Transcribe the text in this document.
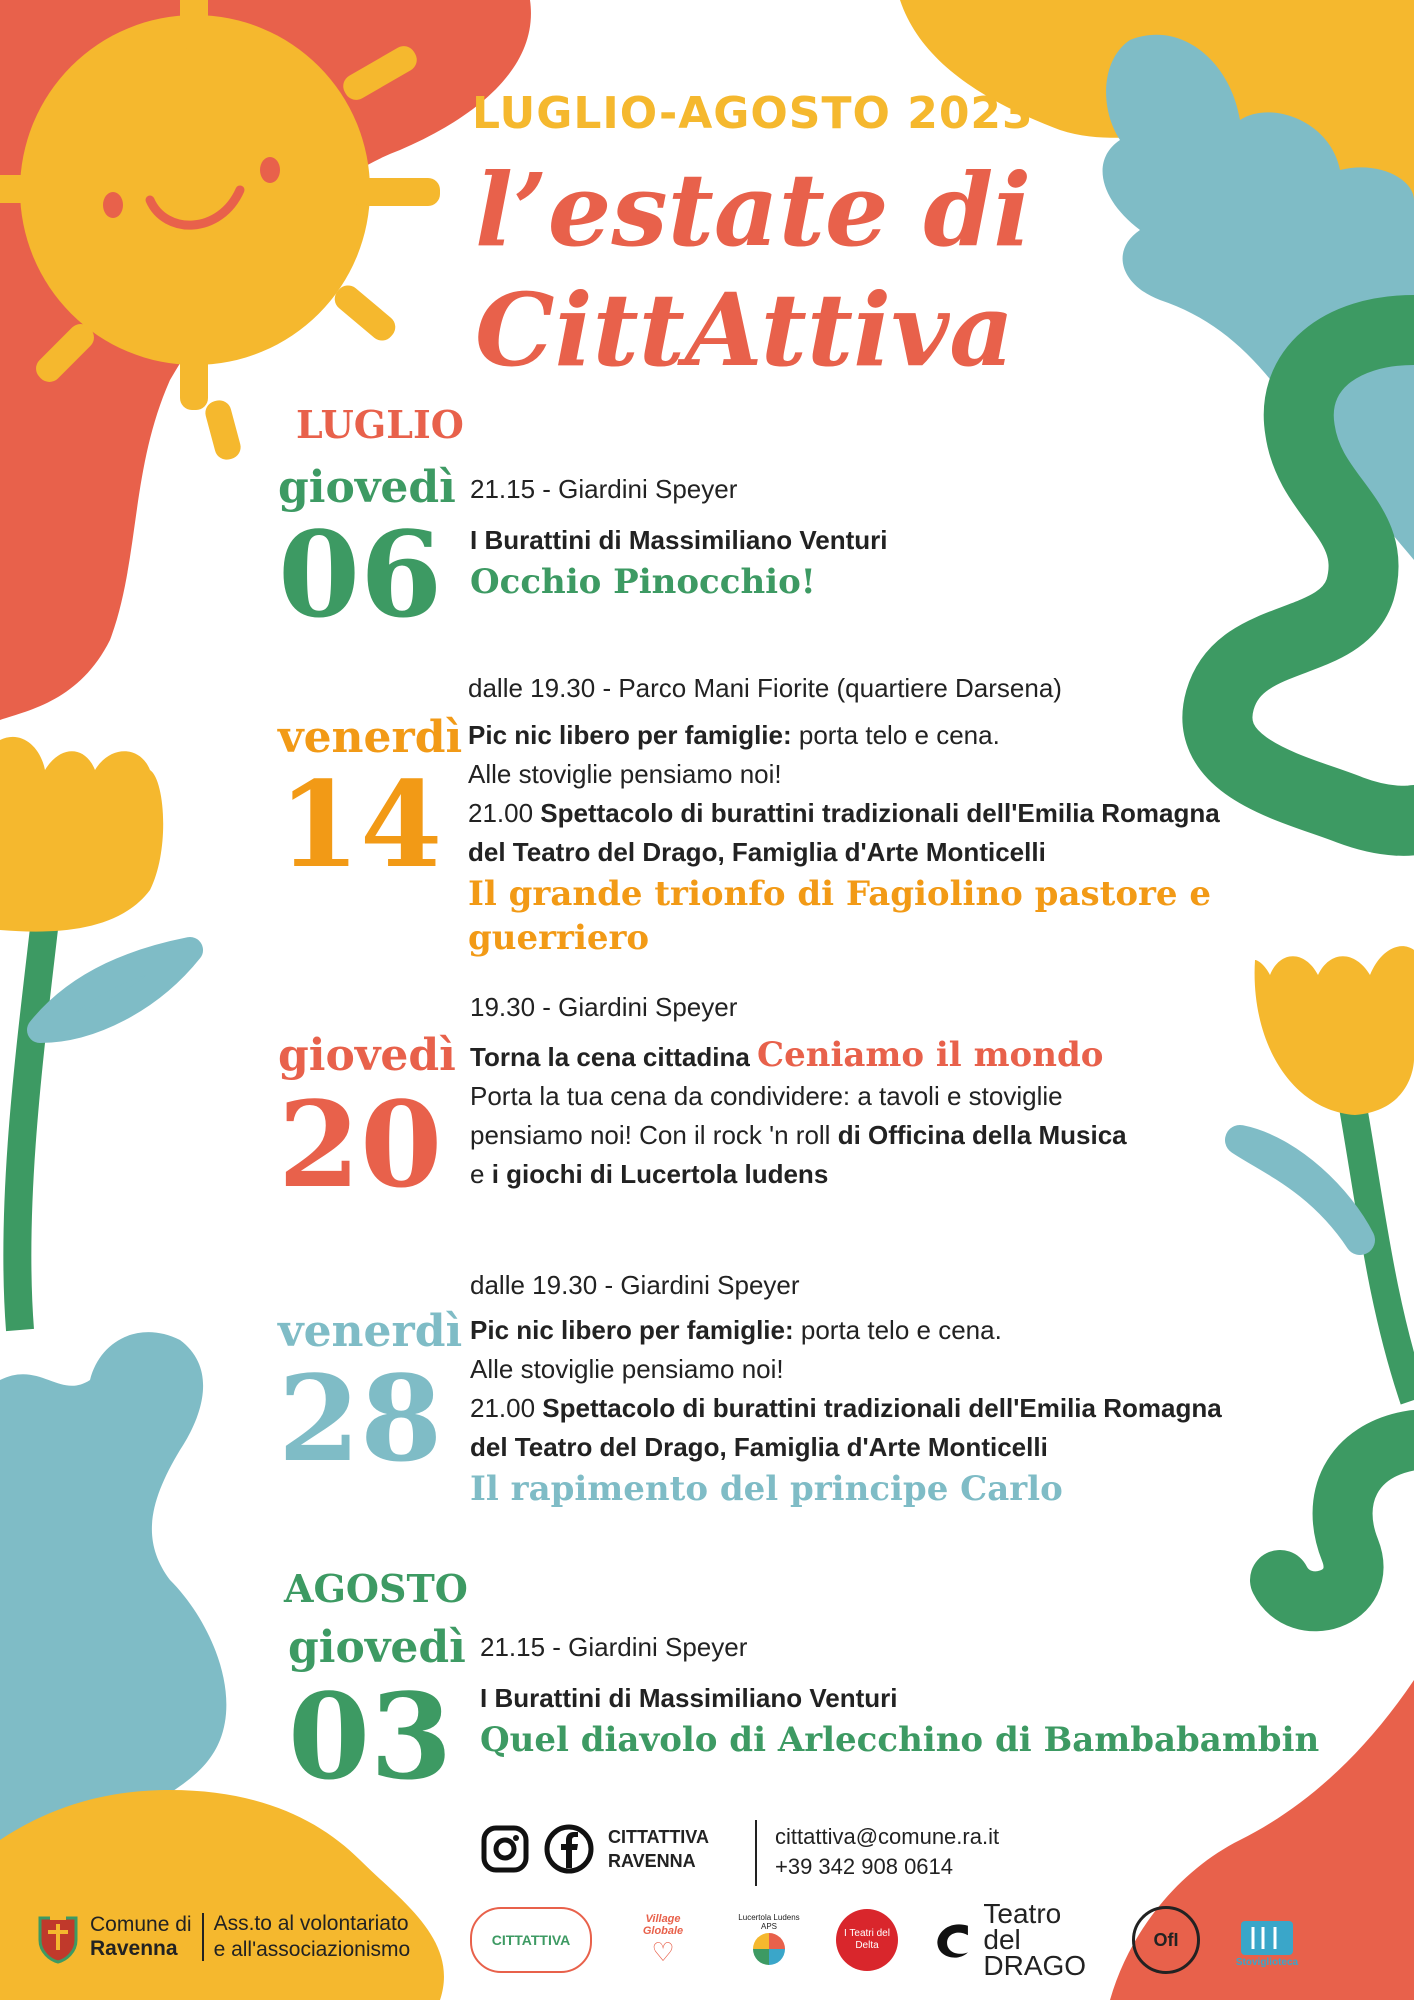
LUGLIO-AGOSTO 2023
l’estate di
CittAttiva
LUGLIO
giovedì
06
21.15 - Giardini Speyer
I Burattini di Massimiliano Venturi
Occhio Pinocchio!
venerdì
14
dalle 19.30 - Parco Mani Fiorite (quartiere Darsena)
Pic nic libero per famiglie: porta telo e cena.
Alle stoviglie pensiamo noi!
21.00 Spettacolo di burattini tradizionali dell'Emilia Romagna
del Teatro del Drago, Famiglia d'Arte Monticelli
Il grande trionfo di Fagiolino pastore e guerriero
giovedì
20
19.30 - Giardini Speyer
Torna la cena cittadina Ceniamo il mondo
Porta la tua cena da condividere: a tavoli e stoviglie
pensiamo noi! Con il rock 'n roll di Officina della Musica
e i giochi di Lucertola ludens
venerdì
28
dalle 19.30 - Giardini Speyer
Pic nic libero per famiglie: porta telo e cena.
Alle stoviglie pensiamo noi!
21.00 Spettacolo di burattini tradizionali dell'Emilia Romagna
del Teatro del Drago, Famiglia d'Arte Monticelli
Il rapimento del principe Carlo
AGOSTO
giovedì
03
21.15 - Giardini Speyer
I Burattini di Massimiliano Venturi
Quel diavolo di Arlecchino di Bambabambin
CITTATTIVA
RAVENNA
cittattiva@comune.ra.it
+39 342 908 0614
Comune di
Ravenna
Ass.to al volontariato
e all'associazionismo	CITTATTIVA
Village Globale
♡
Lucertola Ludens APS
I Teatri del Delta
Teatro del
DRAGO
OfI
Stoviglioteca
